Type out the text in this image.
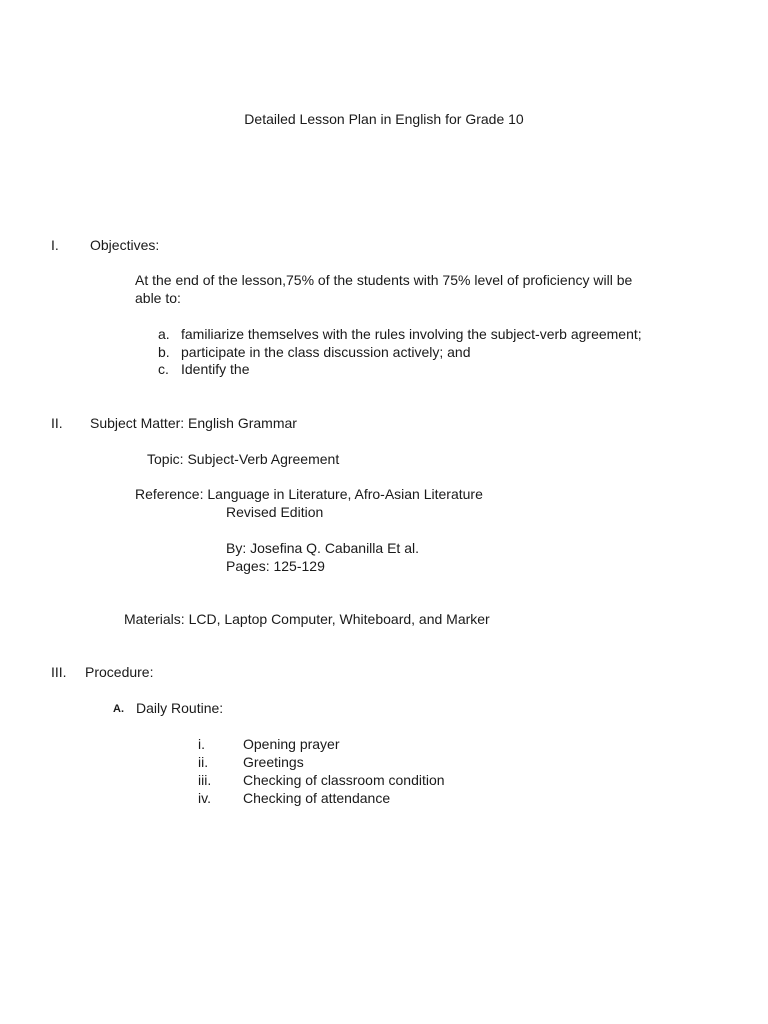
Detailed Lesson Plan in English for Grade 10
I. Objectives:
At the end of the lesson,75% of the students with 75% level of proficiency will be
able to:
a. familiarize themselves with the rules involving the subject-verb agreement;
b. participate in the class discussion actively; and
c. Identify the
II. Subject Matter: English Grammar
Topic: Subject-Verb Agreement
Reference: Language in Literature, Afro-Asian Literature
Revised Edition
By: Josefina Q. Cabanilla Et al.
Pages: 125-129
Materials: LCD, Laptop Computer, Whiteboard, and Marker
III. Procedure:
A. Daily Routine:
i.	Opening prayer
ii. Greetings
iii. Checking of classroom condition
iv. Checking of attendance
